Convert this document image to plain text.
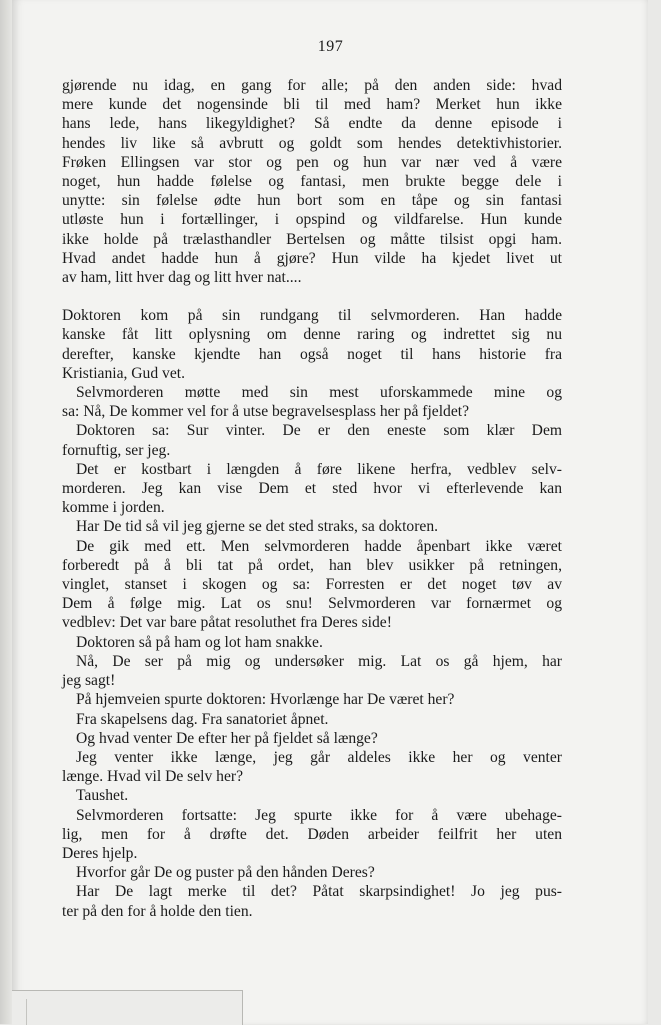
197

gjørende nu idag, en gang for alle; på den anden side: hvad

mere kunde det nogensinde bli til med ham? Merket hun ikke

hans lede, hans likegyldighet? Så endte da denne episode i

hendes liv like så avbrutt og goldt som hendes detektivhistorier.

Frøken Ellingsen var stor og pen og hun var nær ved å være

noget, hun hadde følelse og fantasi, men brukte begge dele i

unytte: sin følelse ødte hun bort som en tåpe og sin fantasi

utløste hun i fortællinger, i opspind og vildfarelse. Hun kunde

ikke holde på trælasthandler Bertelsen og måtte tilsist opgi ham.

Hvad andet hadde hun å gjøre? Hun vilde ha kjedet livet ut

av ham, litt hver dag og litt hver nat....

Doktoren kom på sin rundgang til selvmorderen. Han hadde

kanske fåt litt oplysning om denne raring og indrettet sig nu

derefter, kanske kjendte han også noget til hans historie fra

Kristiania, Gud vet.

Selvmorderen møtte med sin mest uforskammede mine og

sa: Nå, De kommer vel for å utse begravelsesplass her på fjeldet?

Doktoren sa: Sur vinter. De er den eneste som klær Dem

fornuftig, ser jeg.

Det er kostbart i længden å føre likene herfra, vedblev selv-

morderen. Jeg kan vise Dem et sted hvor vi efterlevende kan

komme i jorden.

Har De tid så vil jeg gjerne se det sted straks, sa doktoren.

De gik med ett. Men selvmorderen hadde åpenbart ikke været

forberedt på å bli tat på ordet, han blev usikker på retningen,

vinglet, stanset i skogen og sa: Forresten er det noget tøv av

Dem å følge mig. Lat os snu! Selvmorderen var fornærmet og

vedblev: Det var bare påtat resoluthet fra Deres side!

Doktoren så på ham og lot ham snakke.

Nå, De ser på mig og undersøker mig. Lat os gå hjem, har

jeg sagt!

På hjemveien spurte doktoren: Hvorlænge har De været her?

Fra skapelsens dag. Fra sanatoriet åpnet.

Og hvad venter De efter her på fjeldet så længe?

Jeg venter ikke længe, jeg går aldeles ikke her og venter

længe. Hvad vil De selv her?

Taushet.

Selvmorderen fortsatte: Jeg spurte ikke for å være ubehage-

lig, men for å drøfte det. Døden arbeider feilfrit her uten

Deres hjelp.

Hvorfor går De og puster på den hånden Deres?

Har De lagt merke til det? Påtat skarpsindighet! Jo jeg pus-

ter på den for å holde den tien.
